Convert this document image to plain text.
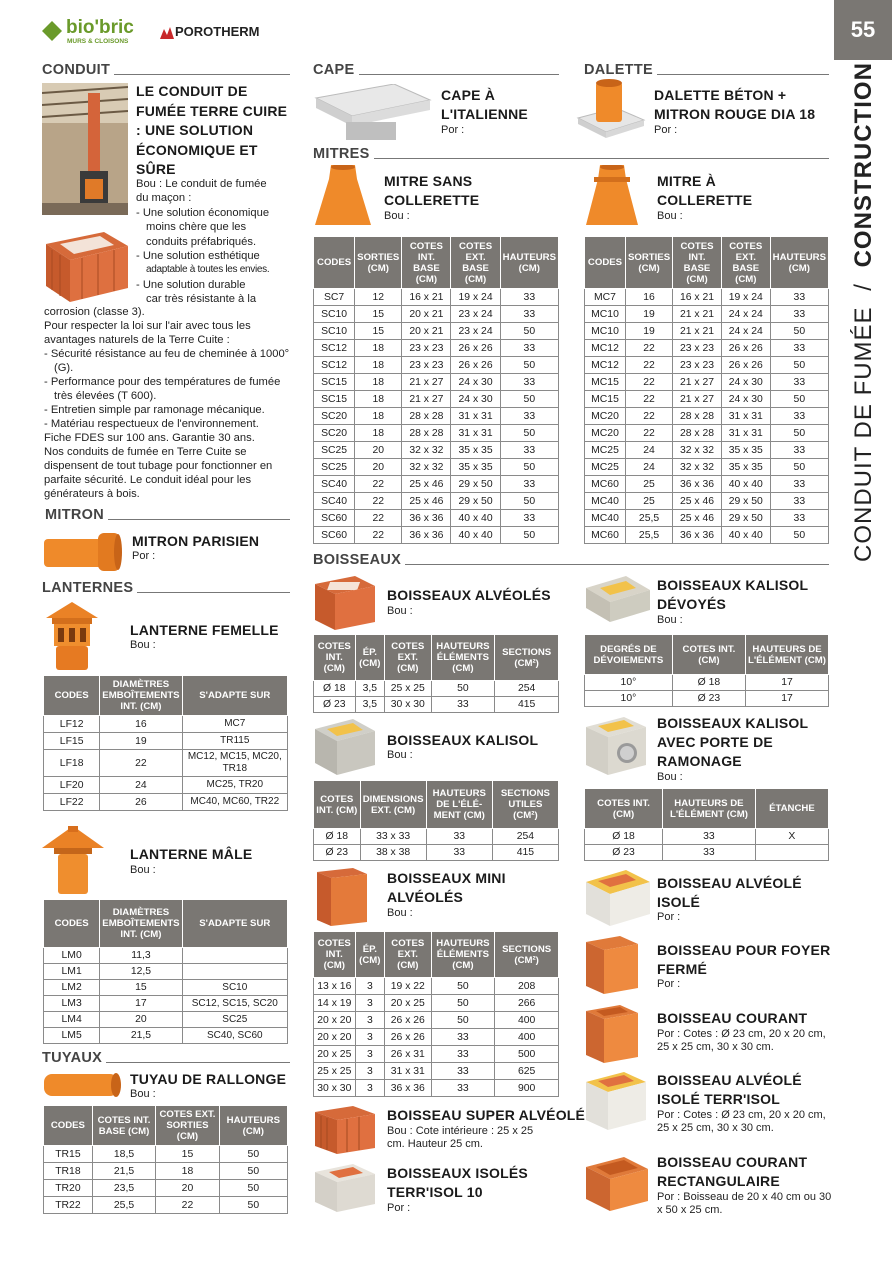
bio'bric
MURS & CLOISONS
POROTHERM	55
CONDUIT DE FUMÉE / CONSTRUCTION
CONDUIT
LE CONDUIT DE FUMÉE TERRE CUIRE : UNE SOLUTION ÉCONOMIQUE ET SÛRE
Bou : Le conduit de fumée
du maçon :
- Une solution économique
moins chère que les
conduits préfabriqués.
- Une solution esthétique
adaptable à toutes les envies.
- Une solution durable
car très résistante à la
corrosion (classe 3).
Pour respecter la loi sur l'air avec tous les avantages naturels de la Terre Cuite :
- Sécurité résistance au feu de cheminée à 1000° (G).
- Performance pour des températures de fumée très élevées (T 600).
- Entretien simple par ramonage mécanique.
- Matériau respectueux de l'environnement.
Fiche FDES sur 100 ans. Garantie 30 ans.
Nos conduits de fumée en Terre Cuite se dispensent de tout tubage pour fonctionner en parfaite sécurité. Le conduit idéal pour les générateurs à bois.
MITRON
MITRON PARISIEN
Por :
LANTERNES
LANTERNE FEMELLE
Bou :
CODES	DIAMÈTRES EMBOÎTEMENTS INT. (CM)	S'ADAPTE SUR
LF12	16	MC7
LF15	19	TR115
LF18	22	MC12, MC15, MC20, TR18
LF20	24	MC25, TR20
LF22	26	MC40, MC60, TR22
LANTERNE MÂLE
Bou :
CODES	DIAMÈTRES EMBOÎTEMENTS INT. (CM)	S'ADAPTE SUR
LM0	11,3	
LM1	12,5	
LM2	15	SC10
LM3	17	SC12, SC15, SC20
LM4	20	SC25
LM5	21,5	SC40, SC60
TUYAUX
TUYAU DE RALLONGE
Bou :
CODES	COTES INT. BASE (CM)	COTES EXT. SORTIES (CM)	HAUTEURS (CM)
TR15	18,5	15	50
TR18	21,5	18	50
TR20	23,5	20	50
TR22	25,5	22	50
CAPE
CAPE À L'ITALIENNE
Por :
MITRES
MITRE SANS COLLERETTE
Bou :
CODES	SORTIES (CM)	COTES INT. BASE (CM)	COTES EXT. BASE (CM)	HAUTEURS (CM)
SC7	12	16 x 21	19 x 24	33
SC10	15	20 x 21	23 x 24	33
SC10	15	20 x 21	23 x 24	50
SC12	18	23 x 23	26 x 26	33
SC12	18	23 x 23	26 x 26	50
SC15	18	21 x 27	24 x 30	33
SC15	18	21 x 27	24 x 30	50
SC20	18	28 x 28	31 x 31	33
SC20	18	28 x 28	31 x 31	50
SC25	20	32 x 32	35 x 35	33
SC25	20	32 x 32	35 x 35	50
SC40	22	25 x 46	29 x 50	33
SC40	22	25 x 46	29 x 50	50
SC60	22	36 x 36	40 x 40	33
SC60	22	36 x 36	40 x 40	50
BOISSEAUX
BOISSEAUX ALVÉOLÉS
Bou :
COTES INT. (CM)	ÉP. (CM)	COTES EXT. (CM)	HAUTEURS ÉLÉMENTS (CM)	SECTIONS (CM²)
Ø 18	3,5	25 x 25	50	254
Ø 23	3,5	30 x 30	33	415
BOISSEAUX KALISOL
Bou :
COTES INT. (CM)	DIMENSIONS EXT. (CM)	HAUTEURS DE L'ÉLÉ- MENT (CM)	SECTIONS UTILES (CM²)
Ø 18	33 x 33	33	254
Ø 23	38 x 38	33	415
BOISSEAUX MINI ALVÉOLÉS
Bou :
COTES INT. (CM)	ÉP. (CM)	COTES EXT. (CM)	HAUTEURS ÉLÉMENTS (CM)	SECTIONS (CM²)
13 x 16	3	19 x 22	50	208
14 x 19	3	20 x 25	50	266
20 x 20	3	26 x 26	50	400
20 x 20	3	26 x 26	33	400
20 x 25	3	26 x 31	33	500
25 x 25	3	31 x 31	33	625
30 x 30	3	36 x 36	33	900
BOISSEAU SUPER ALVÉOLÉ
Bou : Cote intérieure : 25 x 25 cm. Hauteur 25 cm.
BOISSEAUX ISOLÉS TERR'ISOL 10
Por :
DALETTE
DALETTE BÉTON + MITRON ROUGE DIA 18
Por :
MITRE À COLLERETTE
Bou :
CODES	SORTIES (CM)	COTES INT. BASE (CM)	COTES EXT. BASE (CM)	HAUTEURS (CM)
MC7	16	16 x 21	19 x 24	33
MC10	19	21 x 21	24 x 24	33
MC10	19	21 x 21	24 x 24	50
MC12	22	23 x 23	26 x 26	33
MC12	22	23 x 23	26 x 26	50
MC15	22	21 x 27	24 x 30	33
MC15	22	21 x 27	24 x 30	50
MC20	22	28 x 28	31 x 31	33
MC20	22	28 x 28	31 x 31	50
MC25	24	32 x 32	35 x 35	33
MC25	24	32 x 32	35 x 35	50
MC60	25	36 x 36	40 x 40	33
MC40	25	25 x 46	29 x 50	33
MC40	25,5	25 x 46	29 x 50	33
MC60	25,5	36 x 36	40 x 40	50
BOISSEAUX KALISOL DÉVOYÉS
Bou :
DEGRÉS DE DÉVOIEMENTS	COTES INT. (CM)	HAUTEURS DE L'ÉLÉMENT (CM)
10°	Ø 18	17
10°	Ø 23	17
BOISSEAUX KALISOL AVEC PORTE DE RAMONAGE
Bou :
COTES INT. (CM)	HAUTEURS DE L'ÉLÉMENT (CM)	ÉTANCHE
Ø 18	33	X
Ø 23	33	
BOISSEAU ALVÉOLÉ ISOLÉ
Por :
BOISSEAU POUR FOYER FERMÉ
Por :
BOISSEAU COURANT
Por : Cotes : Ø 23 cm, 20 x 20 cm, 25 x 25 cm, 30 x 30 cm.
BOISSEAU ALVÉOLÉ ISOLÉ TERR'ISOL
Por : Cotes : Ø 23 cm, 20 x 20 cm, 25 x 25 cm, 30 x 30 cm.
BOISSEAU COURANT RECTANGULAIRE
Por : Boisseau de 20 x 40 cm ou 30 x 50 x 25 cm.
